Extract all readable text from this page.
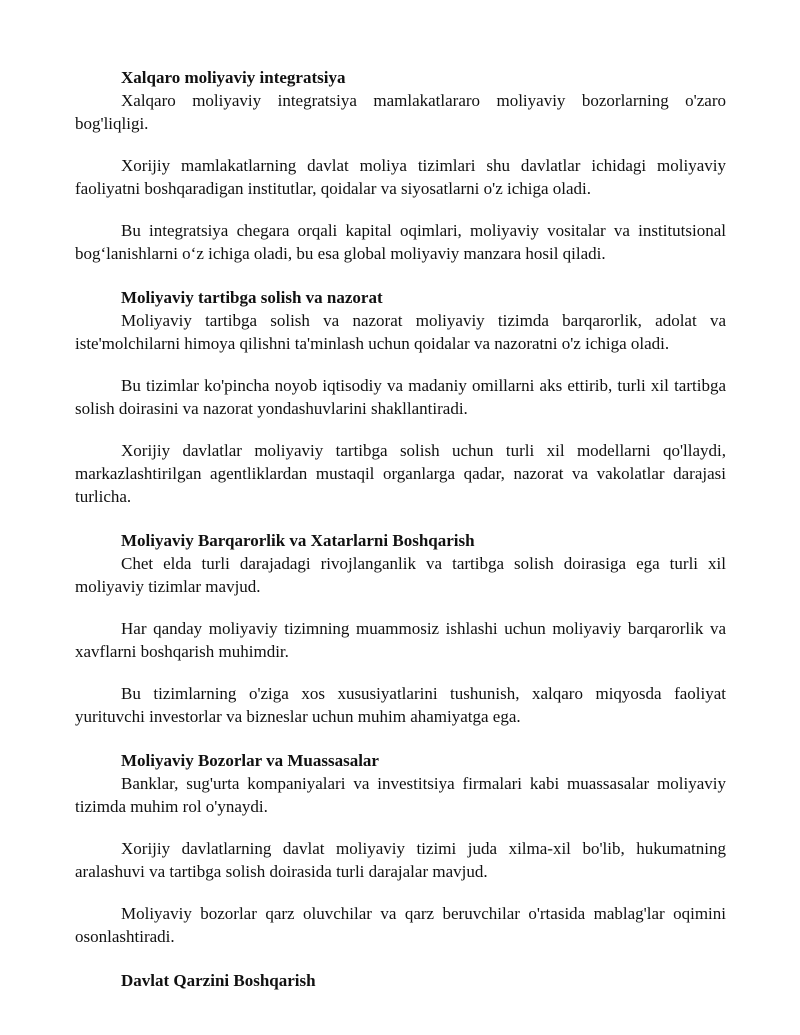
Xalqaro moliyaviy integratsiya

Xalqaro moliyaviy integratsiya mamlakatlararo moliyaviy bozorlarning o'zaro bog'liqligi.

Xorijiy mamlakatlarning davlat moliya tizimlari shu davlatlar ichidagi moliyaviy faoliyatni boshqaradigan institutlar, qoidalar va siyosatlarni o'z ichiga oladi.

Bu integratsiya chegara orqali kapital oqimlari, moliyaviy vositalar va institutsional bog‘lanishlarni o‘z ichiga oladi, bu esa global moliyaviy manzara hosil qiladi.

Moliyaviy tartibga solish va nazorat

Moliyaviy tartibga solish va nazorat moliyaviy tizimda barqarorlik, adolat va iste'molchilarni himoya qilishni ta'minlash uchun qoidalar va nazoratni o'z ichiga oladi.

Bu tizimlar ko'pincha noyob iqtisodiy va madaniy omillarni aks ettirib, turli xil tartibga solish doirasini va nazorat yondashuvlarini shakllantiradi.

Xorijiy davlatlar moliyaviy tartibga solish uchun turli xil modellarni qo'llaydi, markazlashtirilgan agentliklardan mustaqil organlarga qadar, nazorat va vakolatlar darajasi turlicha.

Moliyaviy Barqarorlik va Xatarlarni Boshqarish

Chet elda turli darajadagi rivojlanganlik va tartibga solish doirasiga ega turli xil moliyaviy tizimlar mavjud.

Har qanday moliyaviy tizimning muammosiz ishlashi uchun moliyaviy barqarorlik va xavflarni boshqarish muhimdir.

Bu tizimlarning o'ziga xos xususiyatlarini tushunish, xalqaro miqyosda faoliyat yurituvchi investorlar va bizneslar uchun muhim ahamiyatga ega.

Moliyaviy Bozorlar va Muassasalar

Banklar, sug'urta kompaniyalari va investitsiya firmalari kabi muassasalar moliyaviy tizimda muhim rol o'ynaydi.

Xorijiy davlatlarning davlat moliyaviy tizimi juda xilma-xil bo'lib, hukumatning aralashuvi va tartibga solish doirasida turli darajalar mavjud.

Moliyaviy bozorlar qarz oluvchilar va qarz beruvchilar o'rtasida mablag'lar oqimini osonlashtiradi.

Davlat Qarzini Boshqarish
